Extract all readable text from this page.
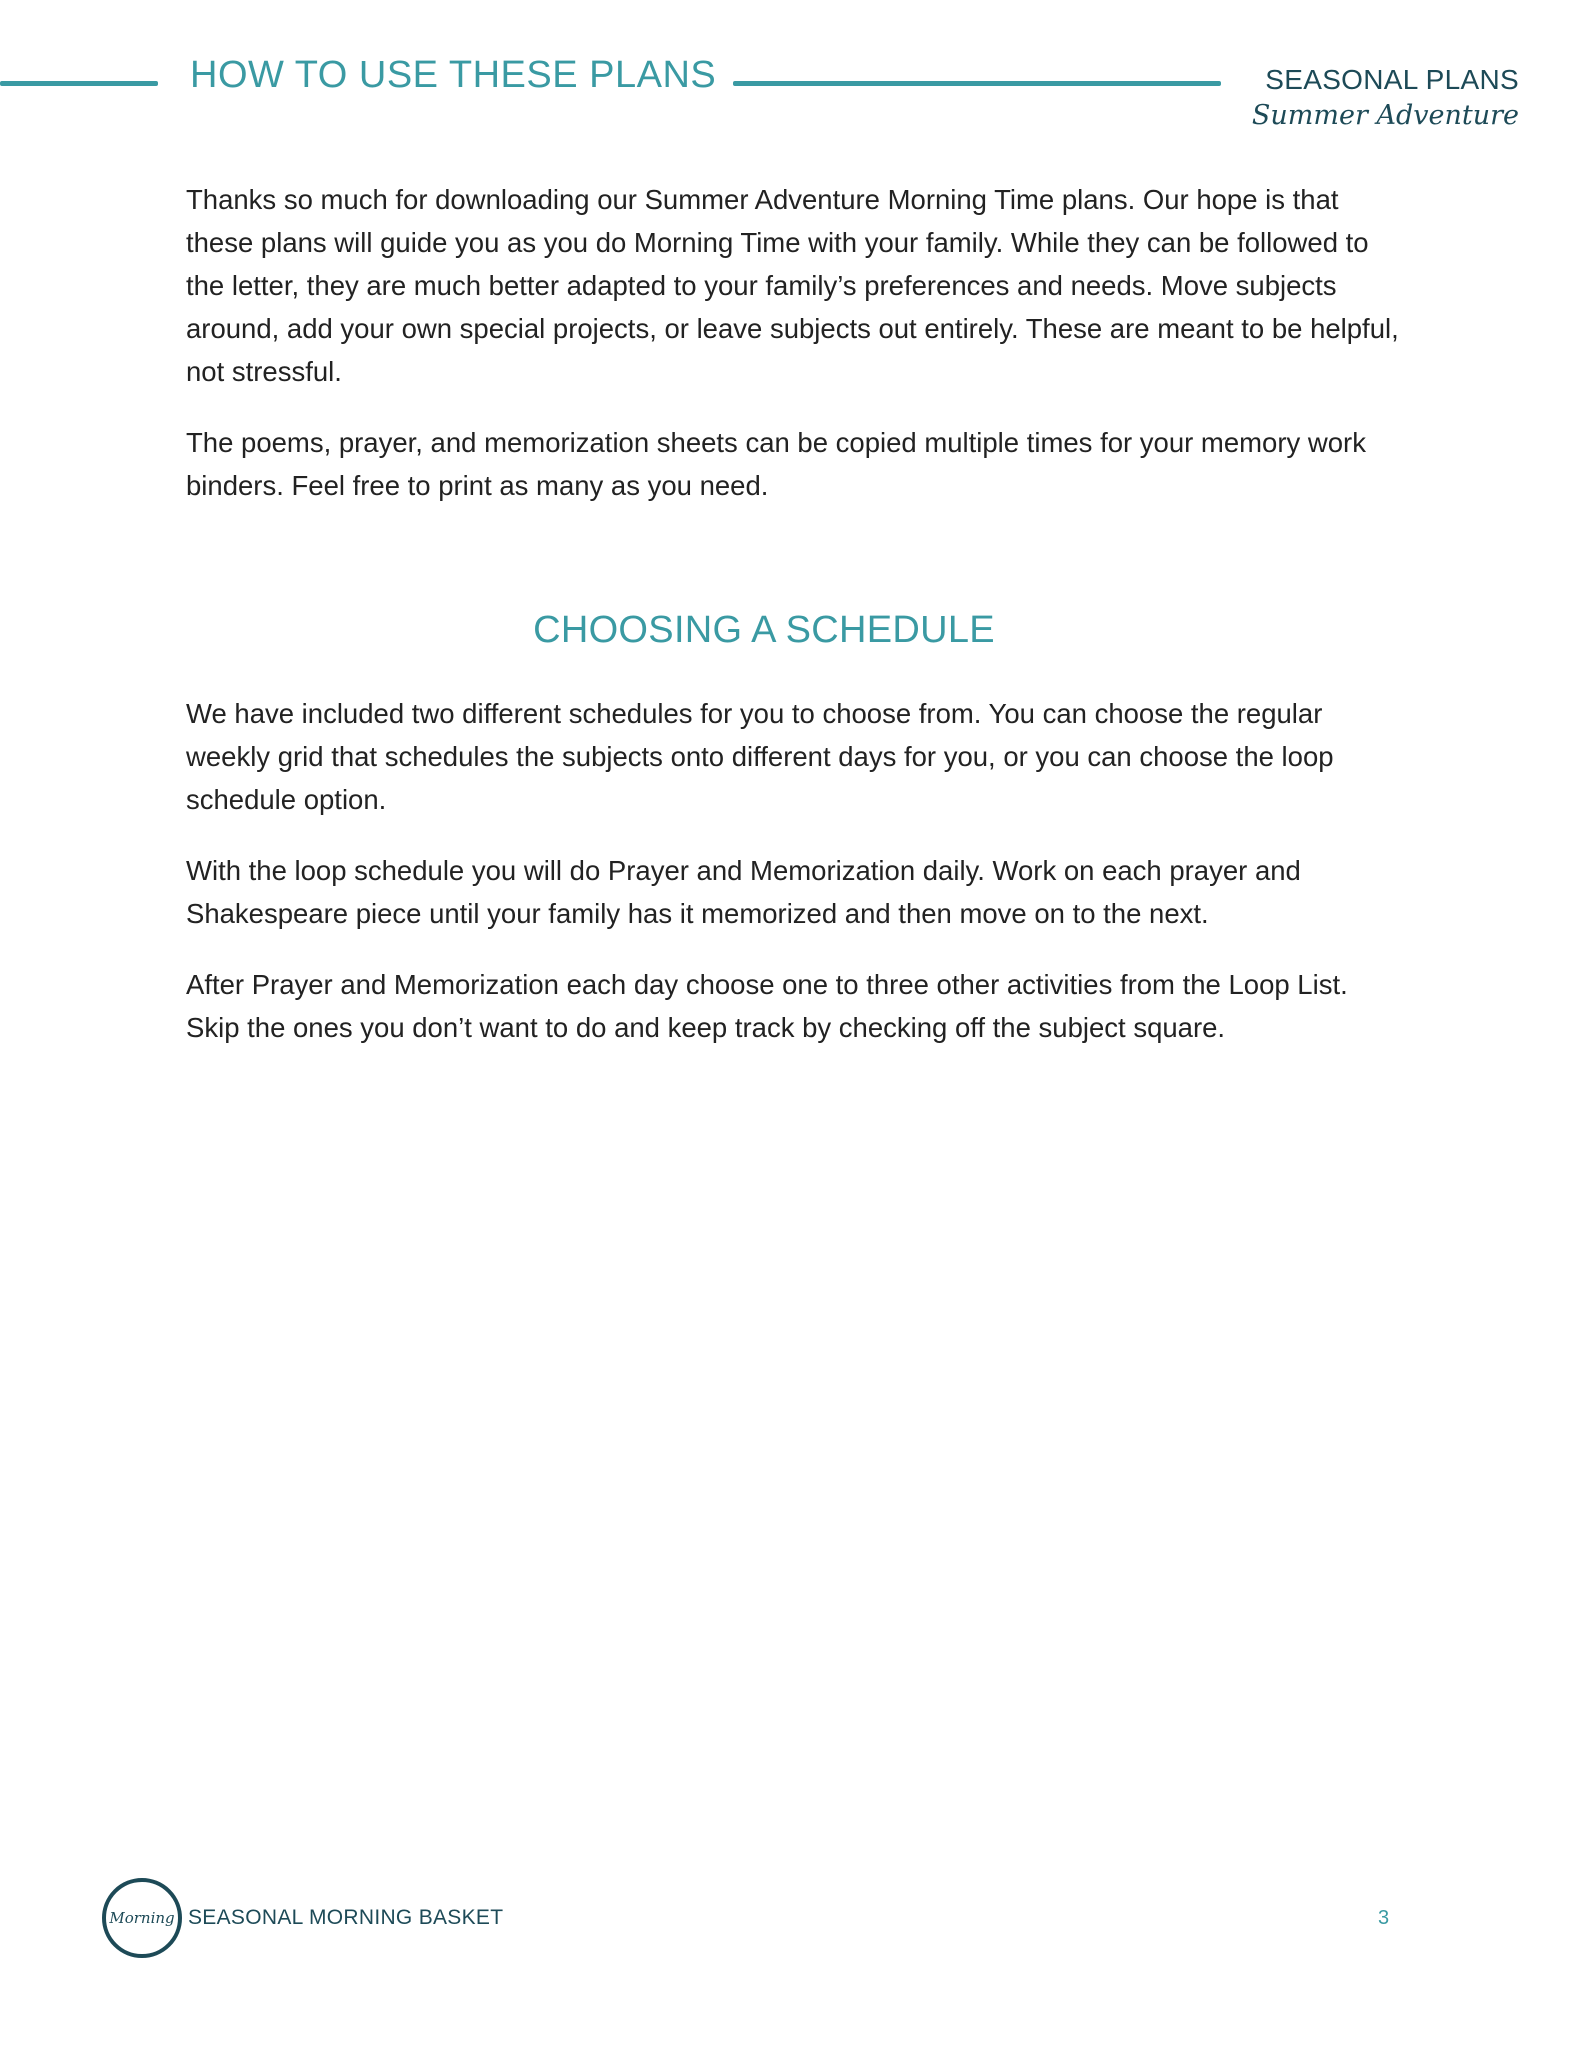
HOW TO USE THESE PLANS	SEASONAL PLANS
Summer Adventure

Thanks so much for downloading our Summer Adventure Morning Time plans. Our hope is that these plans will guide you as you do Morning Time with your family. While they can be followed to the letter, they are much better adapted to your family’s preferences and needs. Move subjects around, add your own special projects, or leave subjects out entirely. These are meant to be helpful, not stressful.

The poems, prayer, and memorization sheets can be copied multiple times for your memory work binders. Feel free to print as many as you need.

CHOOSING A SCHEDULE

We have included two different schedules for you to choose from. You can choose the regular weekly grid that schedules the subjects onto different days for you, or you can choose the loop schedule option.

With the loop schedule you will do Prayer and Memorization daily. Work on each prayer and Shakespeare piece until your family has it memorized and then move on to the next.

After Prayer and Memorization each day choose one to three other activities from the Loop List. Skip the ones you don’t want to do and keep track by checking off the subject square.

Morning SEASONAL MORNING BASKET	3
